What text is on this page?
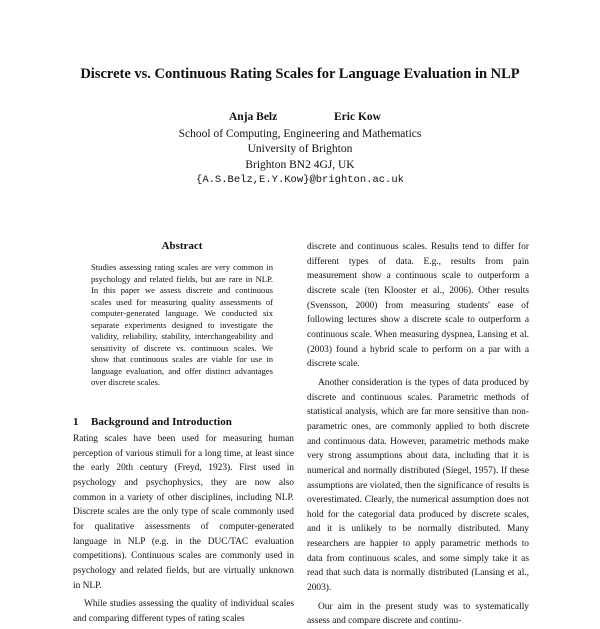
Discrete vs. Continuous Rating Scales for Language Evaluation in NLP
Anja Belz	Eric Kow
School of Computing, Engineering and Mathematics
University of Brighton
Brighton BN2 4GJ, UK
{A.S.Belz,E.Y.Kow}@brighton.ac.uk
Abstract
Studies assessing rating scales are very common in psychology and related fields, but are rare in NLP. In this paper we assess discrete and continuous scales used for measuring quality assessments of computer-generated language. We conducted six separate experiments designed to investigate the validity, reliability, stability, interchangeability and sensitivity of discrete vs. continuous scales. We show that continuous scales are viable for use in language evaluation, and offer distinct advantages over discrete scales.
1 Background and Introduction

Rating scales have been used for measuring human perception of various stimuli for a long time, at least since the early 20th century (Freyd, 1923). First used in psychology and psychophysics, they are now also common in a variety of other disciplines, including NLP. Discrete scales are the only type of scale commonly used for qualitative assessments of computer-generated language in NLP (e.g. in the DUC/TAC evaluation competitions). Continuous scales are commonly used in psychology and related fields, but are virtually unknown in NLP.

While studies assessing the quality of individual scales and comparing different types of rating scales

discrete and continuous scales. Results tend to differ for different types of data. E.g., results from pain measurement show a continuous scale to outperform a discrete scale (ten Klooster et al., 2006). Other results (Svensson, 2000) from measuring students' ease of following lectures show a discrete scale to outperform a continuous scale. When measuring dyspnea, Lansing et al. (2003) found a hybrid scale to perform on a par with a discrete scale.

Another consideration is the types of data produced by discrete and continuous scales. Parametric methods of statistical analysis, which are far more sensitive than non-parametric ones, are commonly applied to both discrete and continuous data. However, parametric methods make very strong assumptions about data, including that it is numerical and normally distributed (Siegel, 1957). If these assumptions are violated, then the significance of results is overestimated. Clearly, the numerical assumption does not hold for the categorial data produced by discrete scales, and it is unlikely to be normally distributed. Many researchers are happier to apply parametric methods to data from continuous scales, and some simply take it as read that such data is normally distributed (Lansing et al., 2003).

Our aim in the present study was to systematically assess and compare discrete and continu-
